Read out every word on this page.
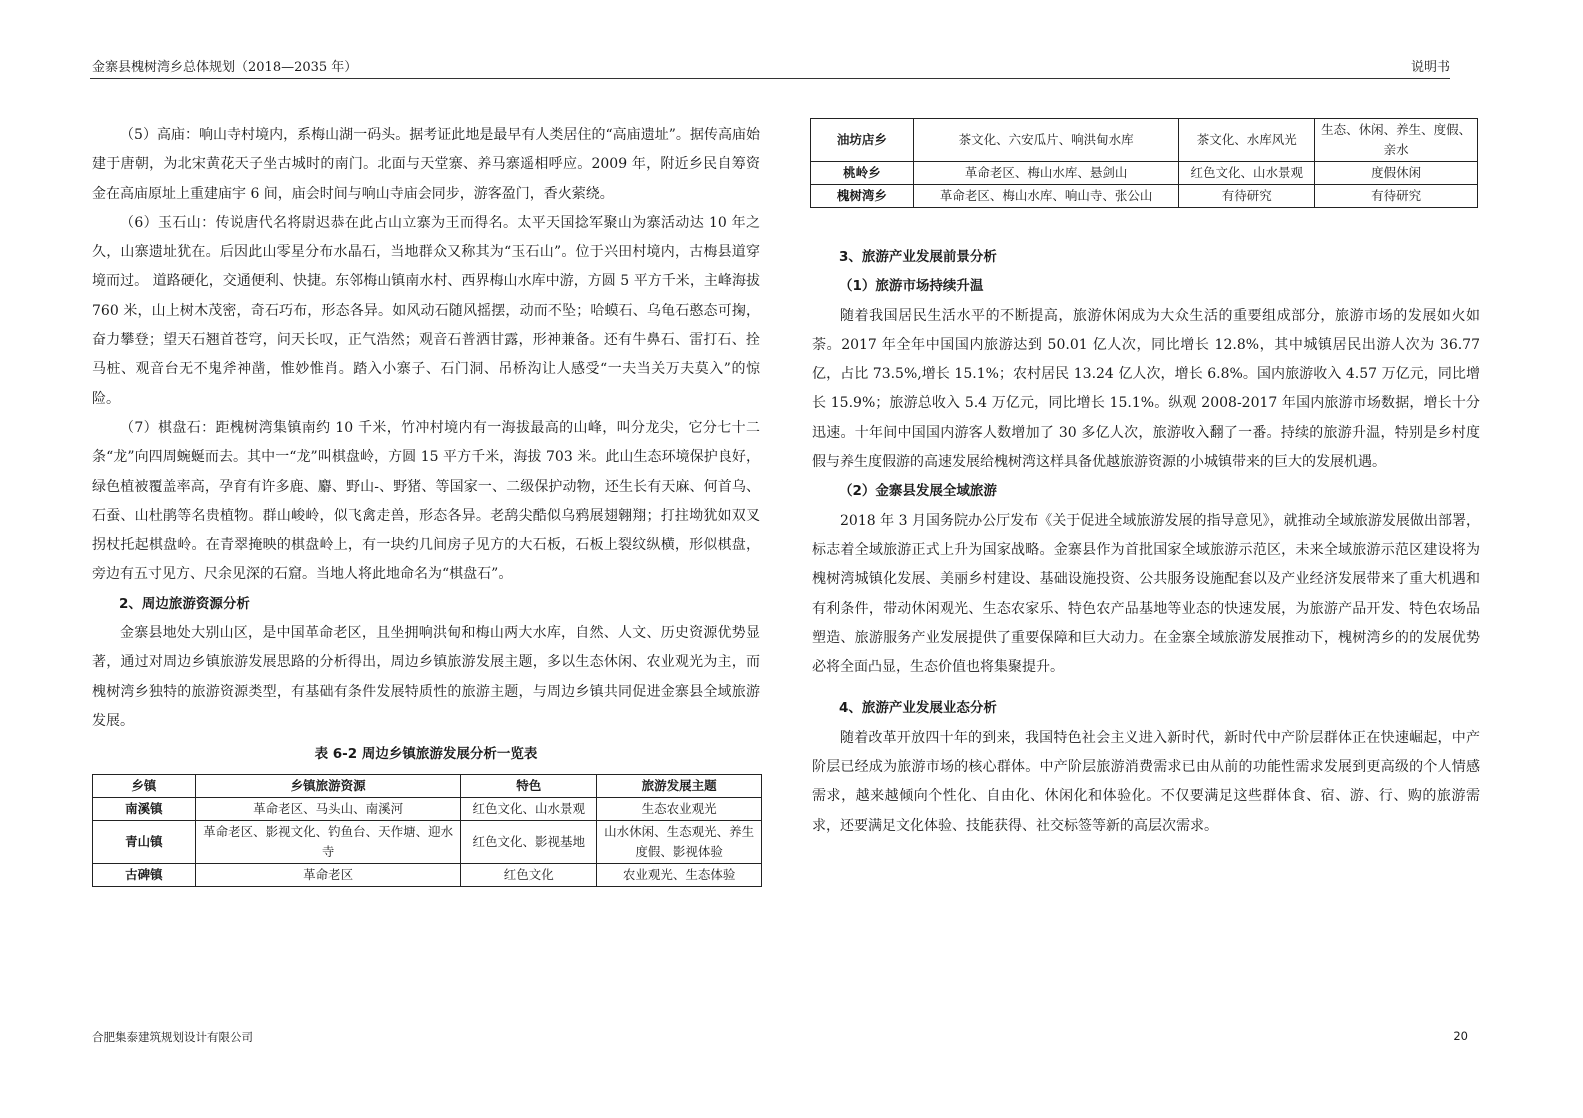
金寨县槐树湾乡总体规划（2018—2035 年）	说明书

（5）高庙：响山寺村境内，系梅山湖一码头。据考证此地是最早有人类居住的“高庙遗址”。据传高庙始建于唐朝，为北宋黄花天子坐古城时的南门。北面与天堂寨、养马寨遥相呼应。2009 年，附近乡民自筹资金在高庙原址上重建庙宇 6 间，庙会时间与响山寺庙会同步，游客盈门，香火萦绕。

（6）玉石山：传说唐代名将尉迟恭在此占山立寨为王而得名。太平天国捻军聚山为寨活动达 10 年之久，山寨遗址犹在。后因此山零星分布水晶石，当地群众又称其为“玉石山”。位于兴田村境内，古梅县道穿境而过。 道路硬化，交通便利、快捷。东邻梅山镇南水村、西界梅山水库中游，方圆 5 平方千米，主峰海拔 760 米，山上树木茂密，奇石巧布，形态各异。如风动石随风摇摆，动而不坠；哈蟆石、乌龟石憨态可掬，奋力攀登；望天石翘首苍穹，问天长叹，正气浩然；观音石普洒甘露，形神兼备。还有牛鼻石、雷打石、拴马桩、观音台无不鬼斧神凿，惟妙惟肖。踏入小寨子、石门洞、吊桥沟让人感受“一夫当关万夫莫入”的惊险。

（7）棋盘石：距槐树湾集镇南约 10 千米，竹冲村境内有一海拔最高的山峰，叫分龙尖，它分七十二条“龙”向四周蜿蜒而去。其中一“龙”叫棋盘岭，方圆 15 平方千米，海拔 703 米。此山生态环境保护良好，绿色植被覆盖率高，孕育有许多鹿、麝、野山-、野猪、等国家一、二级保护动物，还生长有天麻、何首乌、石蚕、山杜鹃等名贵植物。群山峻岭，似飞禽走兽，形态各异。老鸹尖酷似乌鸦展翅翱翔；打拄坳犹如双叉拐杖托起棋盘岭。在青翠掩映的棋盘岭上，有一块约几间房子见方的大石板，石板上裂纹纵横，形似棋盘，旁边有五寸见方、尺余见深的石窟。当地人将此地命名为“棋盘石”。

2、周边旅游资源分析

金寨县地处大别山区，是中国革命老区，且坐拥响洪甸和梅山两大水库，自然、人文、历史资源优势显著，通过对周边乡镇旅游发展思路的分析得出，周边乡镇旅游发展主题，多以生态休闲、农业观光为主，而槐树湾乡独特的旅游资源类型，有基础有条件发展特质性的旅游主题，与周边乡镇共同促进金寨县全域旅游发展。

表 6-2 周边乡镇旅游发展分析一览表
乡镇	乡镇旅游资源	特色	旅游发展主题
南溪镇	革命老区、马头山、南溪河	红色文化、山水景观	生态农业观光
青山镇	革命老区、影视文化、钓鱼台、天作塘、迎水寺	红色文化、影视基地	山水休闲、生态观光、养生度假、影视体验
古碑镇	革命老区	红色文化	农业观光、生态体验
油坊店乡	茶文化、六安瓜片、响洪甸水库	茶文化、水库风光	生态、休闲、养生、度假、亲水
桃岭乡	革命老区、梅山水库、悬剑山	红色文化、山水景观	度假休闲
槐树湾乡	革命老区、梅山水库、响山寺、张公山	有待研究	有待研究
3、旅游产业发展前景分析
（1）旅游市场持续升温

随着我国居民生活水平的不断提高，旅游休闲成为大众生活的重要组成部分，旅游市场的发展如火如荼。2017 年全年中国国内旅游达到 50.01 亿人次，同比增长 12.8%，其中城镇居民出游人次为 36.77 亿，占比 73.5%,增长 15.1%；农村居民 13.24 亿人次，增长 6.8%。国内旅游收入 4.57 万亿元，同比增长 15.9%；旅游总收入 5.4 万亿元，同比增长 15.1%。纵观 2008-2017 年国内旅游市场数据，增长十分迅速。十年间中国国内游客人数增加了 30 多亿人次，旅游收入翻了一番。持续的旅游升温，特别是乡村度假与养生度假游的高速发展给槐树湾这样具备优越旅游资源的小城镇带来的巨大的发展机遇。

（2）金寨县发展全域旅游

2018 年 3 月国务院办公厅发布《关于促进全域旅游发展的指导意见》，就推动全域旅游发展做出部署，标志着全域旅游正式上升为国家战略。金寨县作为首批国家全域旅游示范区，未来全域旅游示范区建设将为槐树湾城镇化发展、美丽乡村建设、基础设施投资、公共服务设施配套以及产业经济发展带来了重大机遇和有利条件，带动休闲观光、生态农家乐、特色农产品基地等业态的快速发展，为旅游产品开发、特色农场品塑造、旅游服务产业发展提供了重要保障和巨大动力。在金寨全域旅游发展推动下，槐树湾乡的的发展优势必将全面凸显，生态价值也将集聚提升。

4、旅游产业发展业态分析

随着改革开放四十年的到来，我国特色社会主义进入新时代，新时代中产阶层群体正在快速崛起，中产阶层已经成为旅游市场的核心群体。中产阶层旅游消费需求已由从前的功能性需求发展到更高级的个人情感需求，越来越倾向个性化、自由化、休闲化和体验化。不仅要满足这些群体食、宿、游、行、购的旅游需求，还要满足文化体验、技能获得、社交标签等新的高层次需求。

合肥集泰建筑规划设计有限公司	20
